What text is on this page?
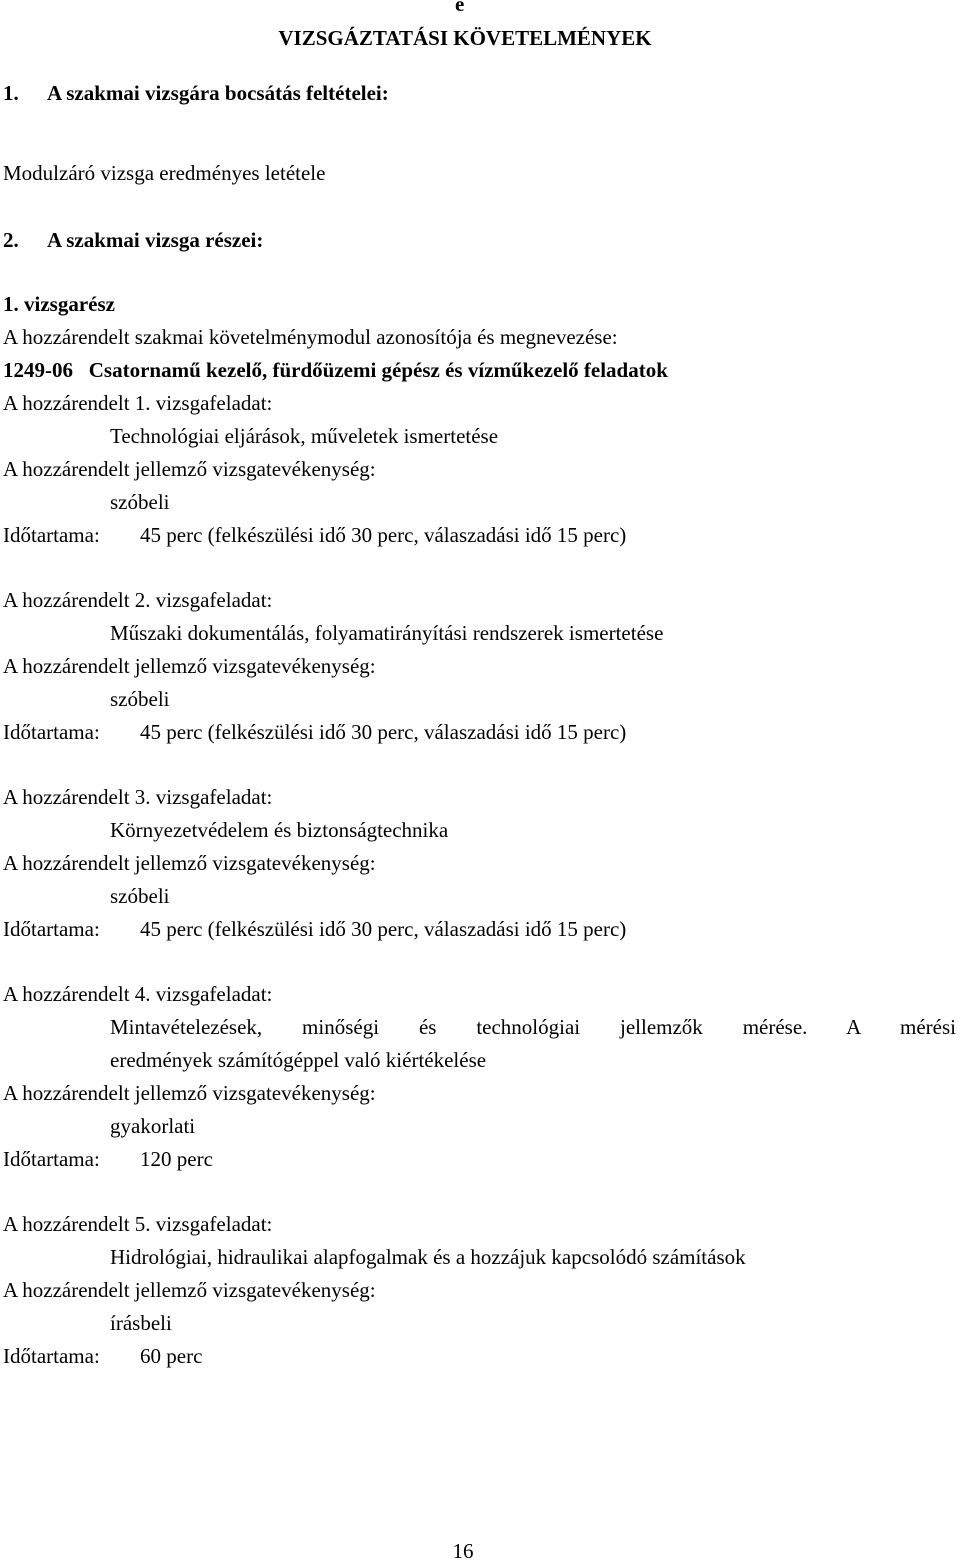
e
VIZSGÁZTATÁSI KÖVETELMÉNYEK
1. A szakmai vizsgára bocsátás feltételei:
Modulzáró vizsga eredményes letétele
2. A szakmai vizsga részei:
1. vizsgarész
A hozzárendelt szakmai követelménymodul azonosítója és megnevezése:
1249-06 Csatornamű kezelő, fürdőüzemi gépész és vízműkezelő feladatok
A hozzárendelt 1. vizsgafeladat:
Technológiai eljárások, műveletek ismertetése
A hozzárendelt jellemző vizsgatevékenység:
szóbeli
Időtartama: 45 perc (felkészülési idő 30 perc, válaszadási idő 15 perc)
A hozzárendelt 2. vizsgafeladat:
Műszaki dokumentálás, folyamatirányítási rendszerek ismertetése
A hozzárendelt jellemző vizsgatevékenység:
szóbeli
Időtartama: 45 perc (felkészülési idő 30 perc, válaszadási idő 15 perc)
A hozzárendelt 3. vizsgafeladat:
Környezetvédelem és biztonságtechnika
A hozzárendelt jellemző vizsgatevékenység:
szóbeli
Időtartama: 45 perc (felkészülési idő 30 perc, válaszadási idő 15 perc)
A hozzárendelt 4. vizsgafeladat:
Mintavételezések, minőségi és technológiai jellemzők mérése. A mérési
eredmények számítógéppel való kiértékelése
A hozzárendelt jellemző vizsgatevékenység:
gyakorlati
Időtartama: 120 perc
A hozzárendelt 5. vizsgafeladat:
Hidrológiai, hidraulikai alapfogalmak és a hozzájuk kapcsolódó számítások
A hozzárendelt jellemző vizsgatevékenység:
írásbeli
Időtartama: 60 perc
16
